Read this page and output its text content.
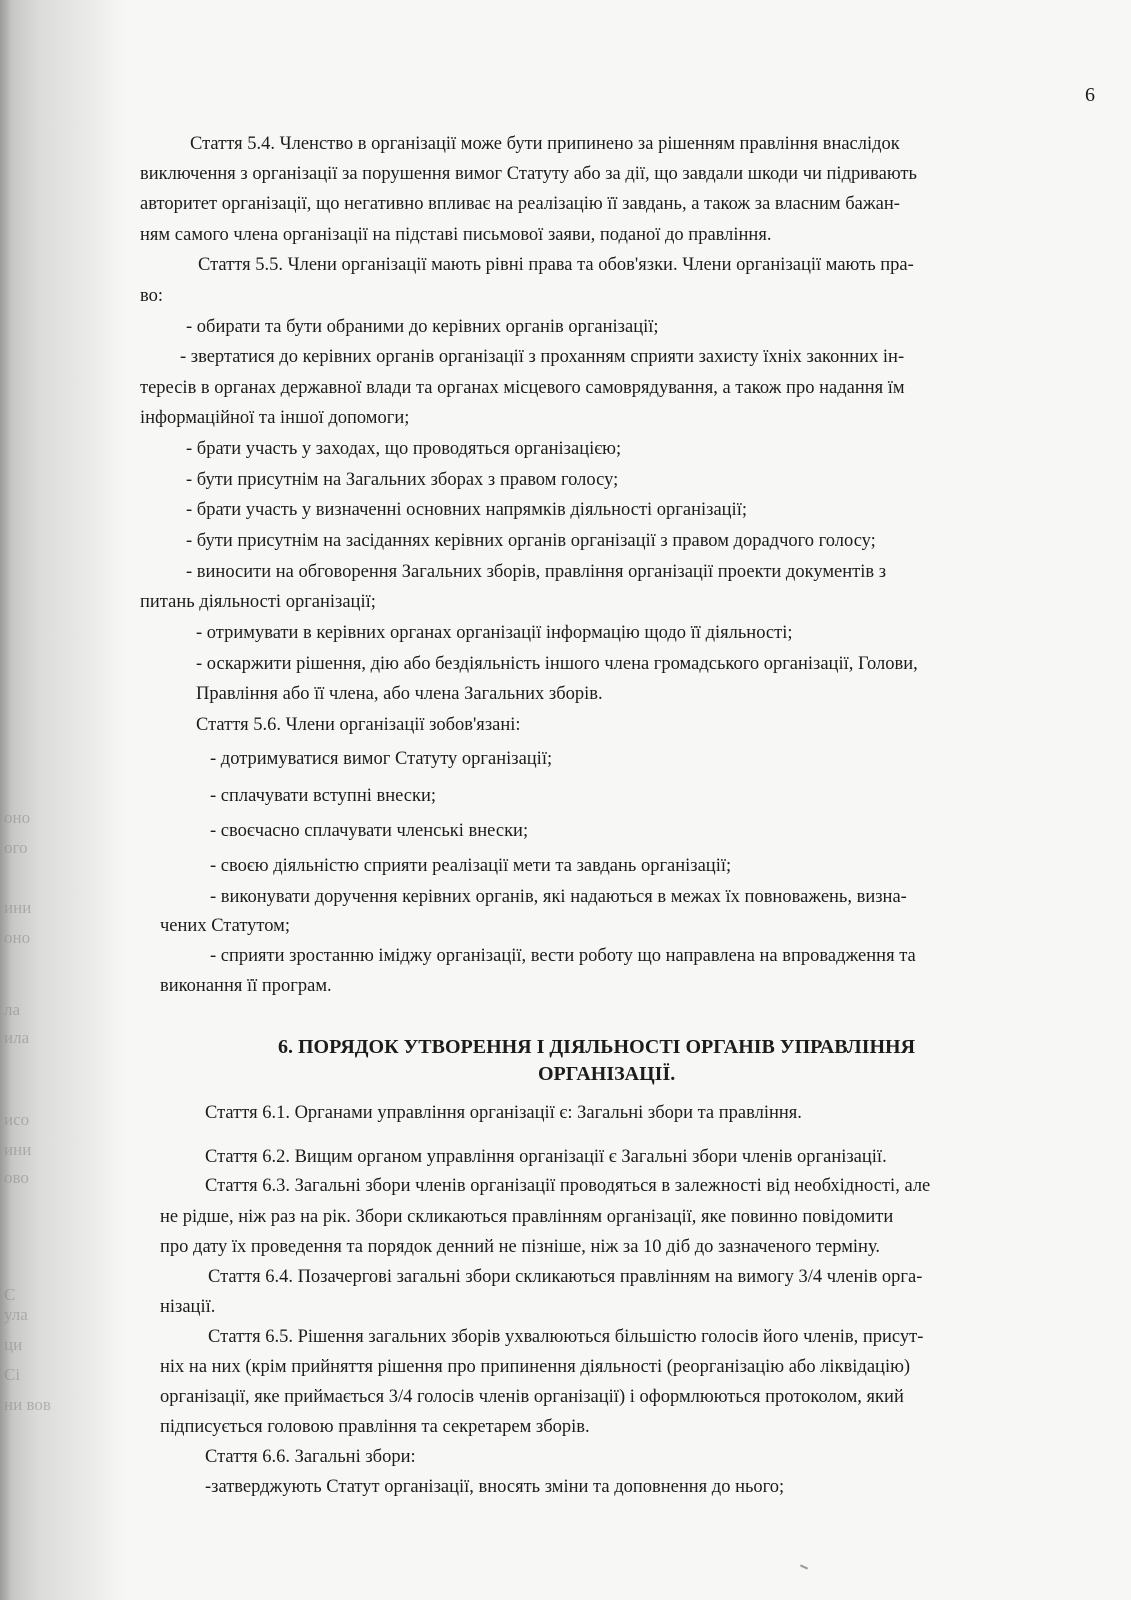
оно
ого
ини
оно
ла
ила
исо
ини
ово
С
ула
ци
Сі
ни вов
6
Стаття 5.4. Членство в організації може бути припинено за рішенням правління внаслідок
виключення з організації за порушення вимог Статуту або за дії, що завдали шкоди чи підривають
авторитет організації, що негативно впливає на реалізацію її завдань, а також за власним бажан-
ням самого члена організації на підставі письмової заяви, поданої до правління.
Стаття 5.5. Члени організації мають рівні права та обов'язки. Члени організації мають пра-
во:
- обирати та бути обраними до керівних органів організації;
- звертатися до керівних органів організації з проханням сприяти захисту їхніх законних ін-
тересів в органах державної влади та органах місцевого самоврядування, а також про надання їм
інформаційної та іншої допомоги;
- брати участь у заходах, що проводяться організацією;
- бути присутнім на Загальних зборах з правом голосу;
- брати участь у визначенні основних напрямків діяльності організації;
- бути присутнім на засіданнях керівних органів організації з правом дорадчого голосу;
- виносити на обговорення Загальних зборів, правління організації проекти документів з
питань діяльності організації;
- отримувати в керівних органах організації інформацію щодо її діяльності;
- оскаржити рішення, дію або бездіяльність іншого члена громадського організації, Голови,
Правління або її члена, або члена Загальних зборів.
Стаття 5.6. Члени організації зобов'язані:
- дотримуватися вимог Статуту організації;
- сплачувати вступні внески;
- своєчасно сплачувати членські внески;
- своєю діяльністю сприяти реалізації мети та завдань організації;
- виконувати доручення керівних органів, які надаються в межах їх повноважень, визна-
чених Статутом;
- сприяти зростанню іміджу організації, вести роботу що направлена на впровадження та
виконання її програм.
6. ПОРЯДОК УТВОРЕННЯ І ДІЯЛЬНОСТІ ОРГАНІВ УПРАВЛІННЯ
ОРГАНІЗАЦІЇ.
Стаття 6.1. Органами управління організації є: Загальні збори та правління.
Стаття 6.2. Вищим органом управління організації є Загальні збори членів організації.
Стаття 6.3. Загальні збори членів організації проводяться в залежності від необхідності, але
не рідше, ніж раз на рік. Збори скликаються правлінням організації, яке повинно повідомити
про дату їх проведення та порядок денний не пізніше, ніж за 10 діб до зазначеного терміну.
Стаття 6.4. Позачергові загальні збори скликаються правлінням на вимогу 3/4 членів орга-
нізації.
Стаття 6.5. Рішення загальних зборів ухвалюються більшістю голосів його членів, присут-
ніх на них (крім прийняття рішення про припинення діяльності (реорганізацію або ліквідацію)
організації, яке приймається 3/4 голосів членів організації) і оформлюються протоколом, який
підписується головою правління та секретарем зборів.
Стаття 6.6. Загальні збори:
-затверджують Статут організації, вносять зміни та доповнення до нього;
